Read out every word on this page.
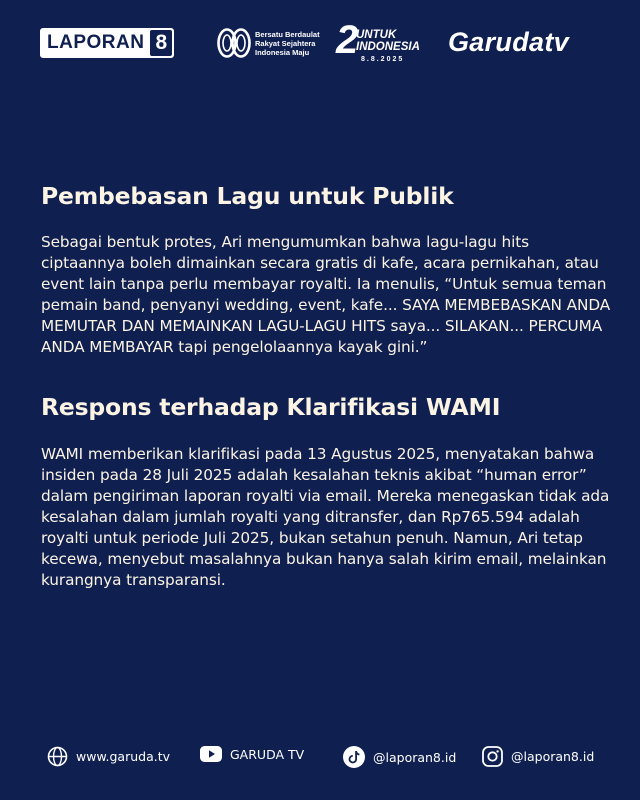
LAPORAN 8	Bersatu Berdaulat
Rakyat Sejahtera
Indonesia Maju 2
UNTUK
INDONESIA
8.8.2025
Garudatv
Pembebasan Lagu untuk Publik

Sebagai bentuk protes, Ari mengumumkan bahwa lagu-lagu hits ciptaannya boleh dimainkan secara gratis di kafe, acara pernikahan, atau event lain tanpa perlu membayar royalti. Ia menulis, “Untuk semua teman pemain band, penyanyi wedding, event, kafe... SAYA MEMBEBASKAN ANDA MEMUTAR DAN MEMAINKAN LAGU-LAGU HITS saya... SILAKAN... PERCUMA ANDA MEMBAYAR tapi pengelolaannya kayak gini.”

Respons terhadap Klarifikasi WAMI

WAMI memberikan klarifikasi pada 13 Agustus 2025, menyatakan bahwa insiden pada 28 Juli 2025 adalah kesalahan teknis akibat “human error” dalam pengiriman laporan royalti via email. Mereka menegaskan tidak ada kesalahan dalam jumlah royalti yang ditransfer, dan Rp765.594 adalah royalti untuk periode Juli 2025, bukan setahun penuh. Namun, Ari tetap kecewa, menyebut masalahnya bukan hanya salah kirim email, melainkan kurangnya transparansi.

www.garuda.tv	GARUDA TV	@laporan8.id	@laporan8.id
